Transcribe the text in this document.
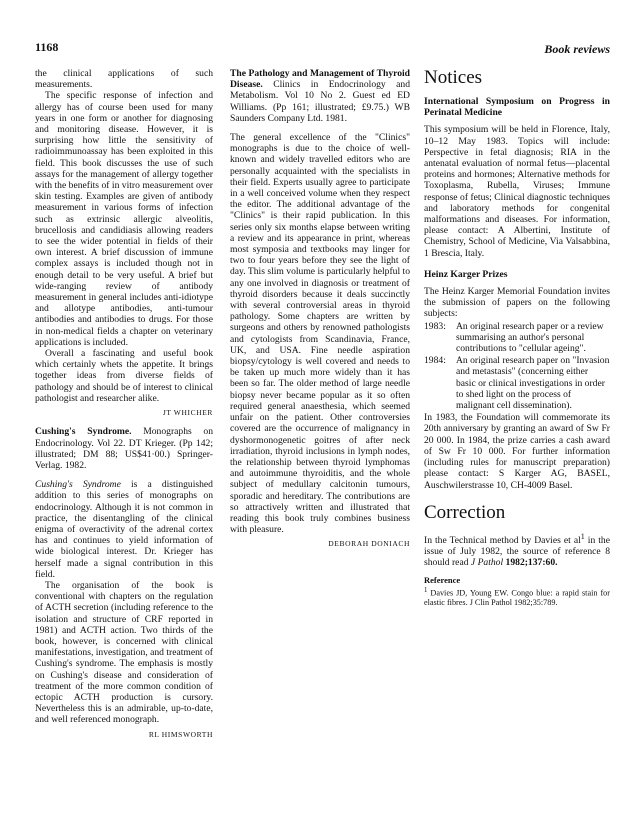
1168	Book reviews

the clinical applications of such measurements.

The specific response of infection and allergy has of course been used for many years in one form or another for diagnosing and monitoring disease. However, it is surprising how little the sensitivity of radioimmunoassay has been exploited in this field. This book discusses the use of such assays for the management of allergy together with the benefits of in vitro measurement over skin testing. Examples are given of antibody measurement in various forms of infection such as extrinsic allergic alveolitis, brucellosis and candidiasis allowing readers to see the wider potential in fields of their own interest. A brief discussion of immune complex assays is included though not in enough detail to be very useful. A brief but wide-ranging review of antibody measurement in general includes anti-idiotype and allotype antibodies, anti-tumour antibodies and antibodies to drugs. For those in non-medical fields a chapter on veterinary applications is included.

Overall a fascinating and useful book which certainly whets the appetite. It brings together ideas from diverse fields of pathology and should be of interest to clinical pathologist and researcher alike.

JT WHICHER

Cushing's Syndrome. Monographs on Endocrinology. Vol 22. DT Krieger. (Pp 142; illustrated; DM 88; US$41·00.) Springer-Verlag. 1982.

Cushing's Syndrome is a distinguished addition to this series of monographs on endocrinology. Although it is not common in practice, the disentangling of the clinical enigma of overactivity of the adrenal cortex has and continues to yield information of wide biological interest. Dr. Krieger has herself made a signal contribution in this field.

The organisation of the book is conventional with chapters on the regulation of ACTH secretion (including reference to the isolation and structure of CRF reported in 1981) and ACTH action. Two thirds of the book, however, is concerned with clinical manifestations, investigation, and treatment of Cushing's syndrome. The emphasis is mostly on Cushing's disease and consideration of treatment of the more common condition of ectopic ACTH production is cursory. Nevertheless this is an admirable, up-to-date, and well referenced monograph.

RL HIMSWORTH

The Pathology and Management of Thyroid Disease. Clinics in Endocrinology and Metabolism. Vol 10 No 2. Guest ed ED Williams. (Pp 161; illustrated; £9.75.) WB Saunders Company Ltd. 1981.

The general excellence of the "Clinics" monographs is due to the choice of well-known and widely travelled editors who are personally acquainted with the specialists in their field. Experts usually agree to participate in a well conceived volume when they respect the editor. The additional advantage of the "Clinics" is their rapid publication. In this series only six months elapse between writing a review and its appearance in print, whereas most symposia and textbooks may linger for two to four years before they see the light of day. This slim volume is particularly helpful to any one involved in diagnosis or treatment of thyroid disorders because it deals succinctly with several controversial areas in thyroid pathology. Some chapters are written by surgeons and others by renowned pathologists and cytologists from Scandinavia, France, UK, and USA. Fine needle aspiration biopsy/cytology is well covered and needs to be taken up much more widely than it has been so far. The older method of large needle biopsy never became popular as it so often required general anaesthesia, which seemed unfair on the patient. Other controversies covered are the occurrence of malignancy in dyshormonogenetic goitres of after neck irradiation, thyroid inclusions in lymph nodes, the relationship between thyroid lymphomas and autoimmune thyroiditis, and the whole subject of medullary calcitonin tumours, sporadic and hereditary. The contributions are so attractively written and illustrated that reading this book truly combines business with pleasure.

DEBORAH DONIACH
Notices

International Symposium on Progress in Perinatal Medicine

This symposium will be held in Florence, Italy, 10–12 May 1983. Topics will include: Perspective in fetal diagnosis; RIA in the antenatal evaluation of normal fetus—placental proteins and hormones; Alternative methods for Toxoplasma, Rubella, Viruses; Immune response of fetus; Clinical diagnostic techniques and laboratory methods for congenital malformations and diseases. For information, please contact: A Albertini, Institute of Chemistry, School of Medicine, Via Valsabbina, 1 Brescia, Italy.

Heinz Karger Prizes

The Heinz Karger Memorial Foundation invites the submission of papers on the following subjects:

1983:	An original research paper or a review summarising an author's personal contributions to "cellular ageing".
1984:	An original research paper on "Invasion and metastasis" (concerning either basic or clinical investigations in order to shed light on the process of malignant cell dissemination).

In 1983, the Foundation will commemorate its 20th anniversary by granting an award of Sw Fr 20 000. In 1984, the prize carries a cash award of Sw Fr 10 000. For further information (including rules for manuscript preparation) please contact: S Karger AG, BASEL, Auschwilerstrasse 10, CH-4009 Basel.

Correction

In the Technical method by Davies et $al^1$ in the issue of July 1982, the source of reference 8 should read J Pathol 1982;137:60.

Reference

$^1$ Davies JD, Young EW. Congo blue: a rapid stain for elastic fibres. J Clin Pathol 1982;35:789.
